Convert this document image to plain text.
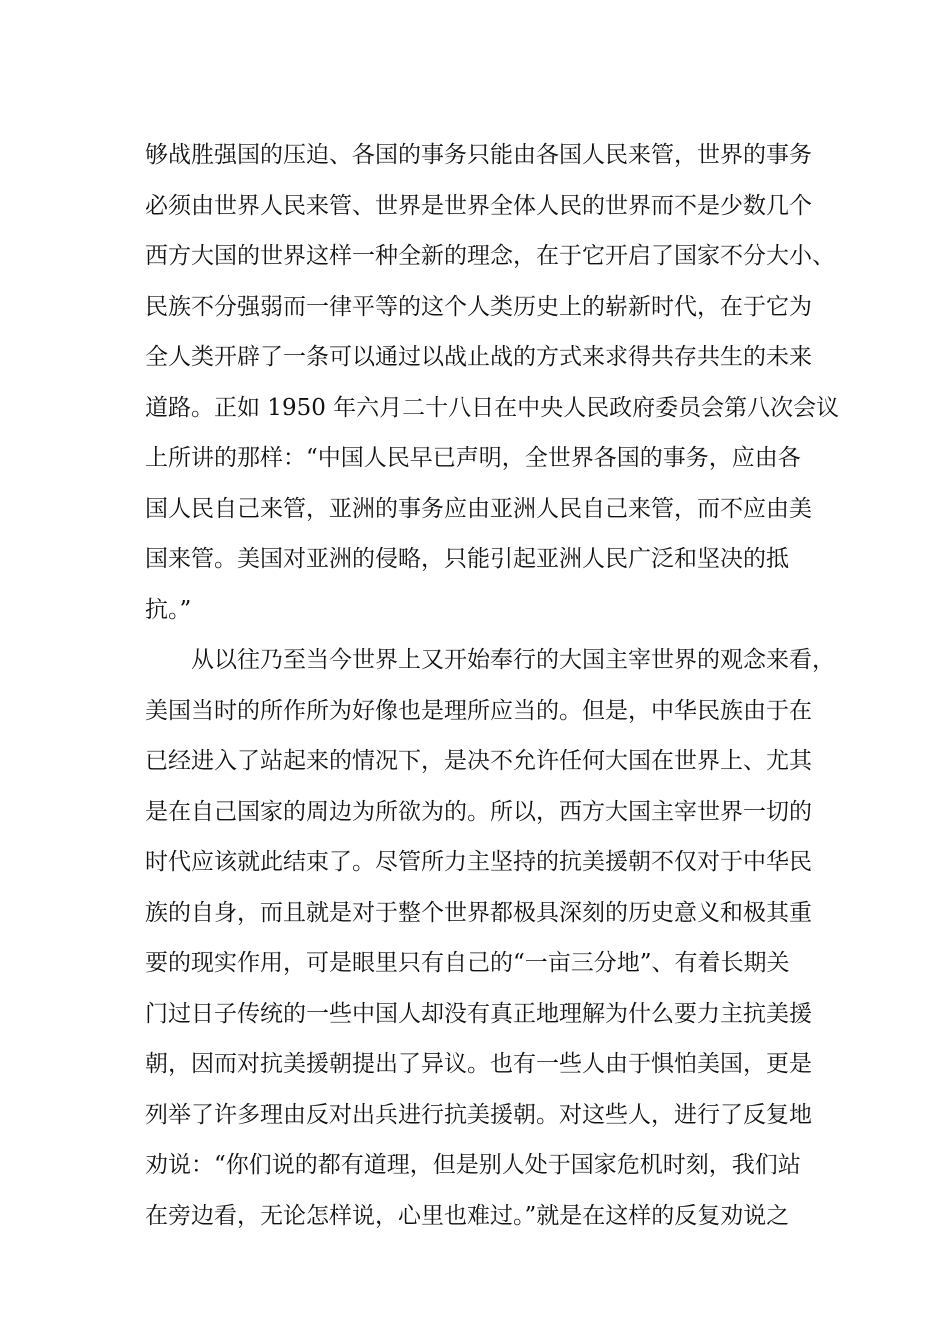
够战胜强国的压迫、各国的事务只能由各国人民来管，世界的事务
必须由世界人民来管、世界是世界全体人民的世界而不是少数几个
西方大国的世界这样一种全新的理念，在于它开启了国家不分大小、
民族不分强弱而一律平等的这个人类历史上的崭新时代，在于它为
全人类开辟了一条可以通过以战止战的方式来求得共存共生的未来
道路。正如 1950 年六月二十八日在中央人民政府委员会第八次会议
上所讲的那样：“中国人民早已声明，全世界各国的事务，应由各
国人民自己来管，亚洲的事务应由亚洲人民自己来管，而不应由美
国来管。美国对亚洲的侵略，只能引起亚洲人民广泛和坚决的抵
抗。”
从以往乃至当今世界上又开始奉行的大国主宰世界的观念来看，
美国当时的所作所为好像也是理所应当的。但是，中华民族由于在
已经进入了站起来的情况下，是决不允许任何大国在世界上、尤其
是在自己国家的周边为所欲为的。所以，西方大国主宰世界一切的
时代应该就此结束了。尽管所力主坚持的抗美援朝不仅对于中华民
族的自身，而且就是对于整个世界都极具深刻的历史意义和极其重
要的现实作用，可是眼里只有自己的“一亩三分地”、有着长期关
门过日子传统的一些中国人却没有真正地理解为什么要力主抗美援
朝，因而对抗美援朝提出了异议。也有一些人由于惧怕美国，更是
列举了许多理由反对出兵进行抗美援朝。对这些人，进行了反复地
劝说：“你们说的都有道理，但是别人处于国家危机时刻，我们站
在旁边看，无论怎样说，心里也难过。”就是在这样的反复劝说之
